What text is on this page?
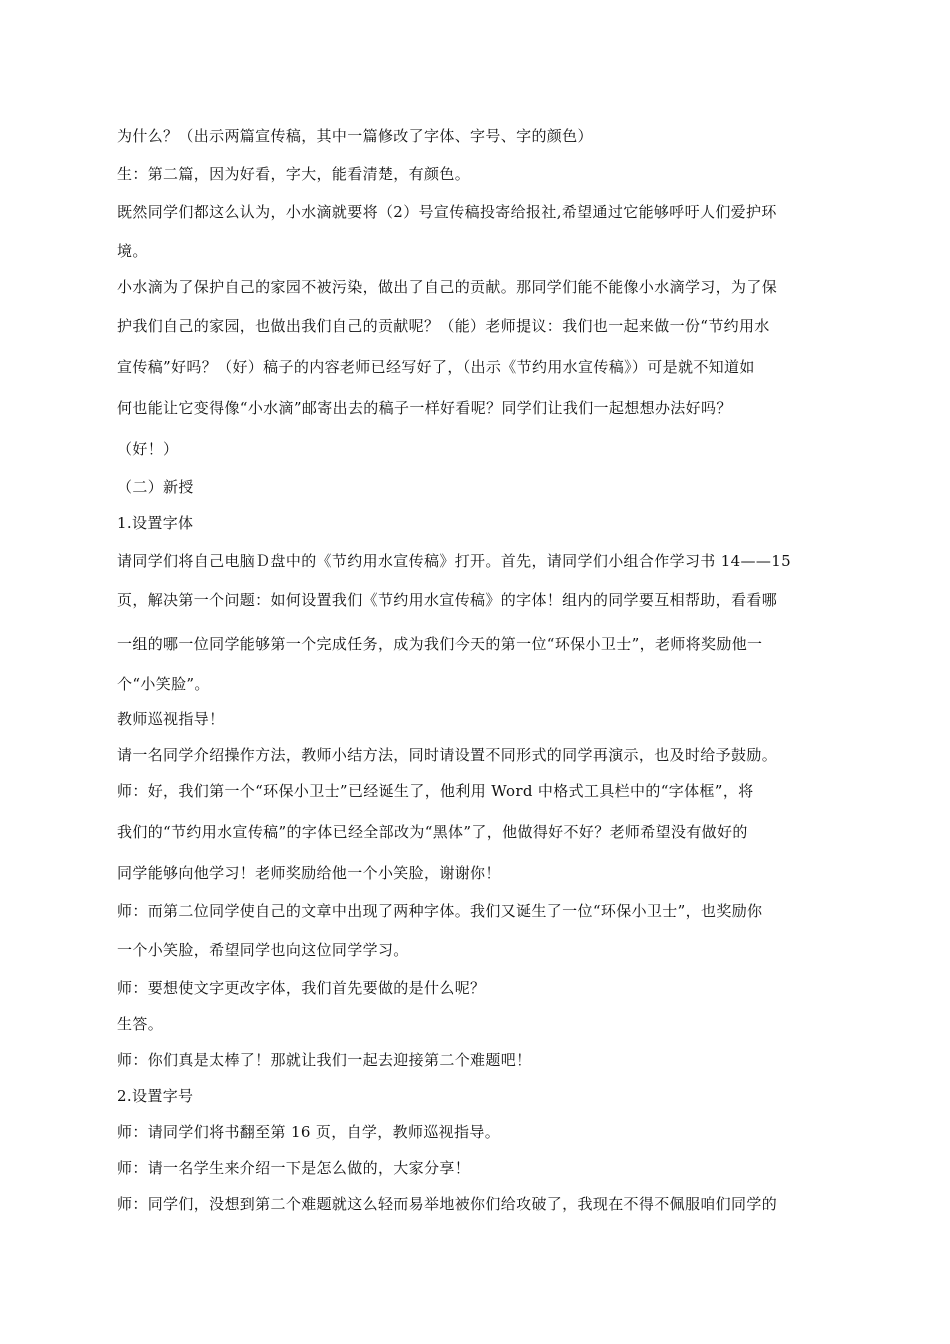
为什么？（出示两篇宣传稿，其中一篇修改了字体、字号、字的颜色）
生：第二篇，因为好看，字大，能看清楚，有颜色。
既然同学们都这么认为，小水滴就要将（2）号宣传稿投寄给报社,希望通过它能够呼吁人们爱护环
境。
小水滴为了保护自己的家园不被污染，做出了自己的贡献。那同学们能不能像小水滴学习，为了保
护我们自己的家园，也做出我们自己的贡献呢？（能）老师提议：我们也一起来做一份“节约用水
宣传稿”好吗？（好）稿子的内容老师已经写好了，（出示《节约用水宣传稿》）可是就不知道如
何也能让它变得像“小水滴”邮寄出去的稿子一样好看呢？同学们让我们一起想想办法好吗？
（好！）
（二）新授
1.设置字体
请同学们将自己电脑Ｄ盘中的《节约用水宣传稿》打开。首先，请同学们小组合作学习书 14——15
页，解决第一个问题：如何设置我们《节约用水宣传稿》的字体！组内的同学要互相帮助，看看哪
一组的哪一位同学能够第一个完成任务，成为我们今天的第一位“环保小卫士”，老师将奖励他一
个“小笑脸”。
教师巡视指导！
请一名同学介绍操作方法，教师小结方法，同时请设置不同形式的同学再演示，也及时给予鼓励。
师：好，我们第一个“环保小卫士”已经诞生了，他利用 Word 中格式工具栏中的“字体框”，将
我们的“节约用水宣传稿”的字体已经全部改为“黑体”了，他做得好不好？老师希望没有做好的
同学能够向他学习！老师奖励给他一个小笑脸，谢谢你！
师：而第二位同学使自己的文章中出现了两种字体。我们又诞生了一位“环保小卫士”，也奖励你
一个小笑脸，希望同学也向这位同学学习。
师：要想使文字更改字体，我们首先要做的是什么呢？
生答。
师：你们真是太棒了！那就让我们一起去迎接第二个难题吧！
2.设置字号
师：请同学们将书翻至第 16 页，自学，教师巡视指导。
师：请一名学生来介绍一下是怎么做的，大家分享！
师：同学们，没想到第二个难题就这么轻而易举地被你们给攻破了，我现在不得不佩服咱们同学的
